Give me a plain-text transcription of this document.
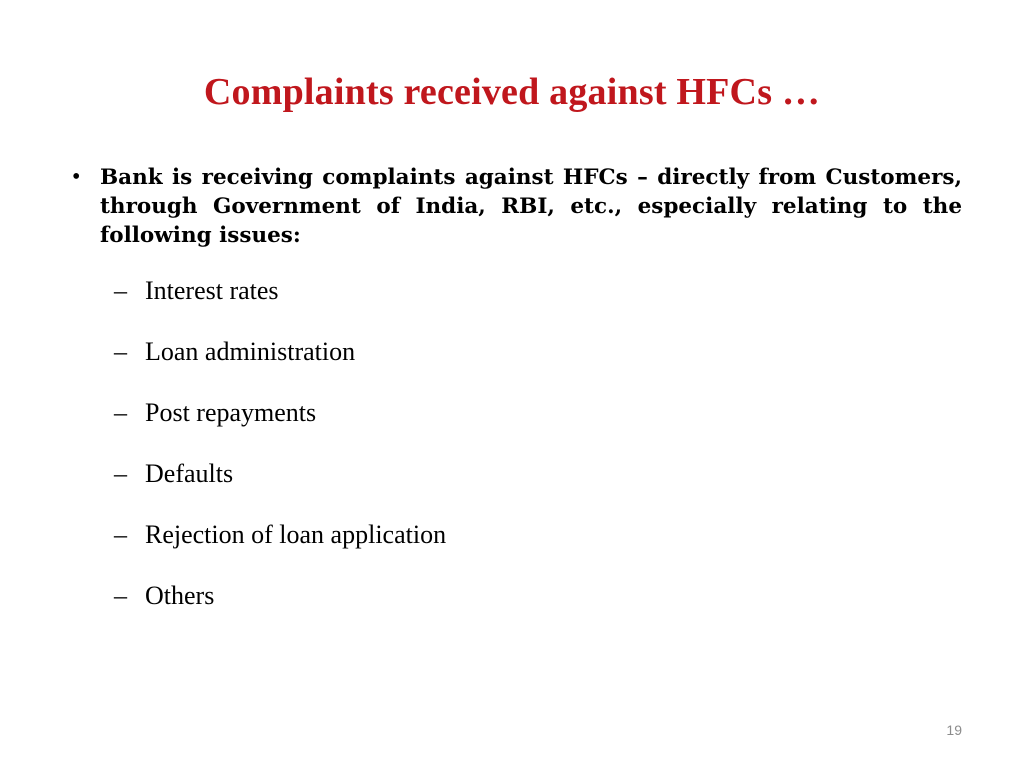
Complaints received against HFCs …
• Bank is receiving complaints against HFCs – directly from Customers, through Government of India, RBI, etc., especially relating to the following issues:
– Interest rates
– Loan administration
– Post repayments
– Defaults
– Rejection of loan application
– Others
19
